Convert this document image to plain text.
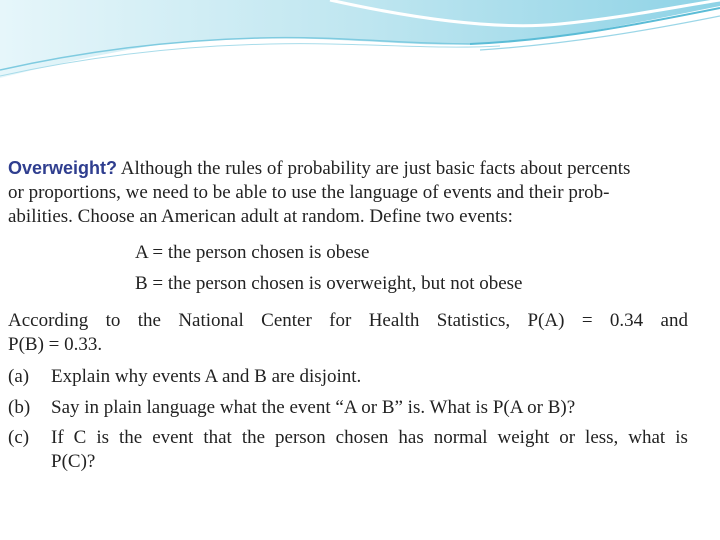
Overweight? Although the rules of probability are just basic facts about percents
or proportions, we need to be able to use the language of events and their prob-
abilities. Choose an American adult at random. Define two events:
A = the person chosen is obese
B = the person chosen is overweight, but not obese
According to the National Center for Health Statistics, P(A) = 0.34 and
P(B) = 0.33.
(a) Explain why events A and B are disjoint.
(b) Say in plain language what the event “A or B” is. What is P(A or B)?
(c)	If C is the event that the person chosen has normal weight or less, what is
P(C)?
